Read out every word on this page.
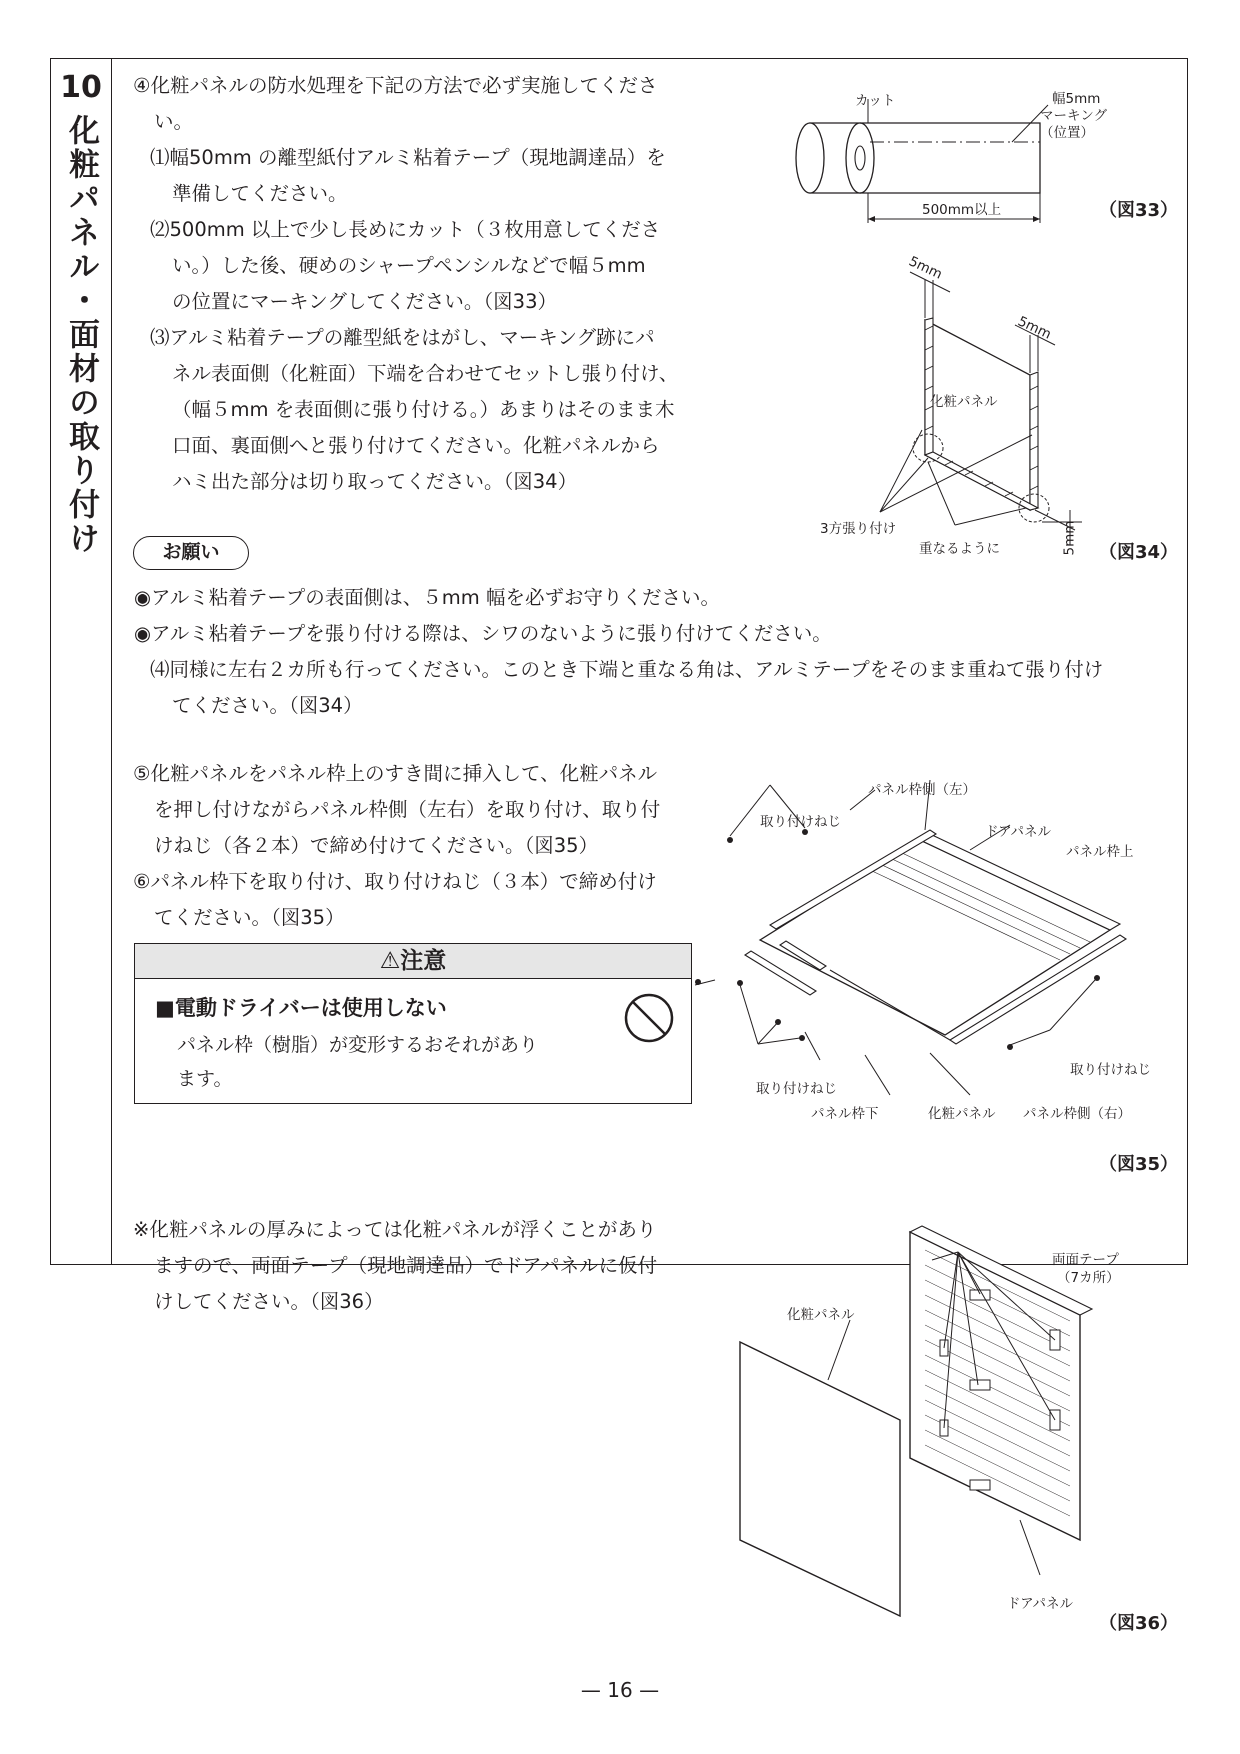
10
化粧パネル・面材の取り付け
④化粧パネルの防水処理を下記の方法で必ず実施してくださ
い。
⑴幅50mm の離型紙付アルミ粘着テープ（現地調達品）を
準備してください。
⑵500mm 以上で少し長めにカット（３枚用意してくださ
い。）した後、硬めのシャープペンシルなどで幅５mm
の位置にマーキングしてください。（図33）
⑶アルミ粘着テープの離型紙をはがし、マーキング跡にパ
ネル表面側（化粧面）下端を合わせてセットし張り付け、
（幅５mm を表面側に張り付ける。）あまりはそのまま木
口面、裏面側へと張り付けてください。化粧パネルから
ハミ出た部分は切り取ってください。（図34）
お願い
◉アルミ粘着テープの表面側は、５mm 幅を必ずお守りください。
◉アルミ粘着テープを張り付ける際は、シワのないように張り付けてください。
⑷同様に左右２カ所も行ってください。このとき下端と重なる角は、アルミテープをそのまま重ねて張り付け
てください。（図34）
⑤化粧パネルをパネル枠上のすき間に挿入して、化粧パネル
を押し付けながらパネル枠側（左右）を取り付け、取り付
けねじ（各２本）で締め付けてください。（図35）
⑥パネル枠下を取り付け、取り付けねじ（３本）で締め付け
てください。（図35）
⚠注意
■電動ドライバーは使用しない
パネル枠（樹脂）が変形するおそれがあり
ます。
※化粧パネルの厚みによっては化粧パネルが浮くことがあり
ますので、両面テープ（現地調達品）でドアパネルに仮付
けしてください。（図36）
カット	幅5mm
マーキング
（位置）
500mm以上	（図33）
5mm
5mm
5mm
化粧パネル
3方張り付け
重なるように	（図34）
パネル枠側（左）
取り付けねじ
ドアパネル
パネル枠上
取り付けねじ
取り付けねじ
パネル枠下	化粧パネル パネル枠側（右）
（図35）
両面テープ
（7カ所）
化粧パネル
ドアパネル
（図36）
— 16 —
